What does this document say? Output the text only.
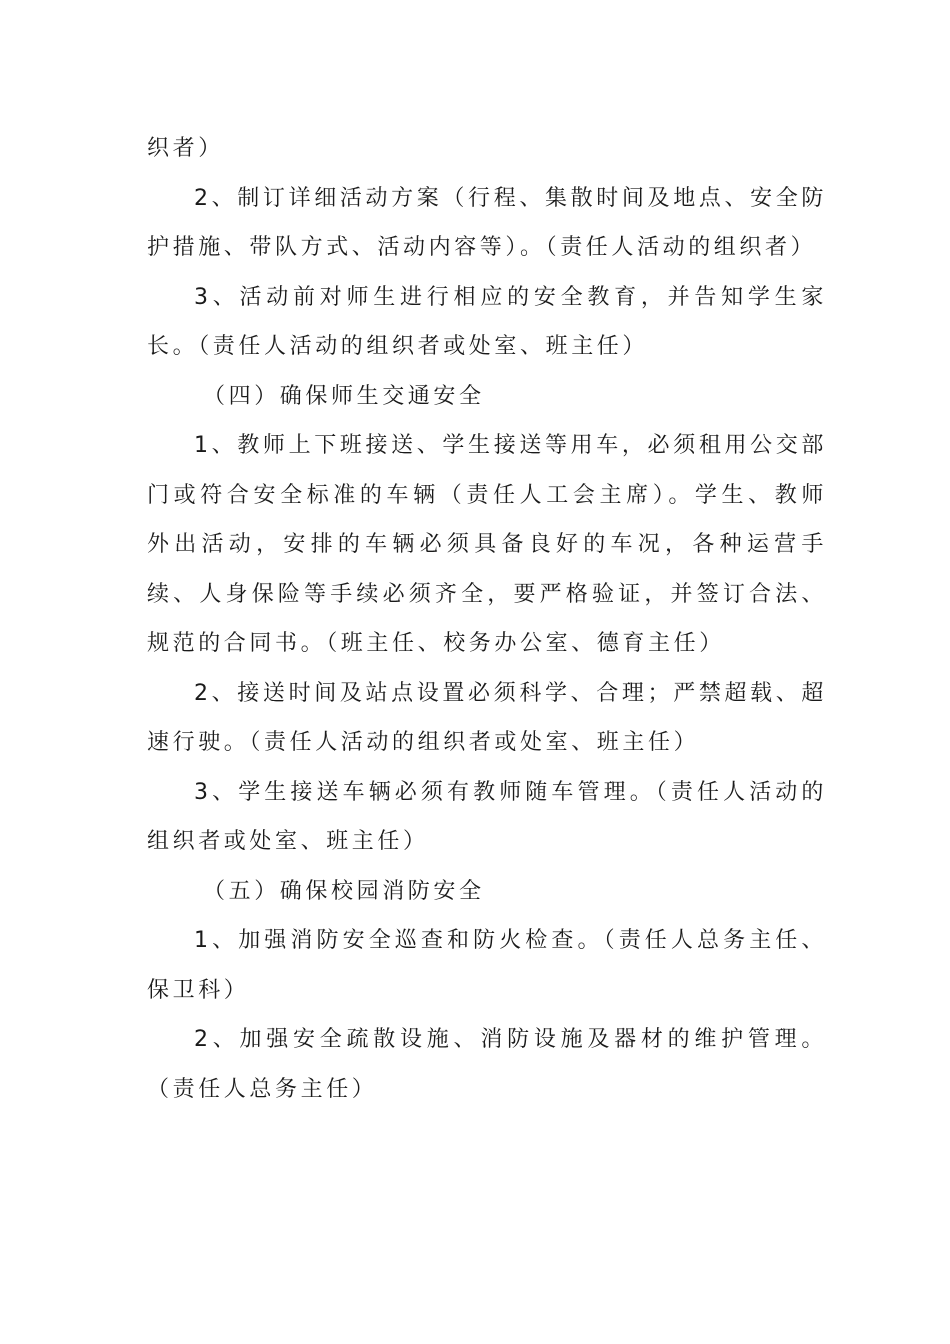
织者）

2、制订详细活动方案（行程、集散时间及地点、安全防护措施、带队方式、活动内容等）。（责任人活动的组织者）

3、活动前对师生进行相应的安全教育，并告知学生家长。（责任人活动的组织者或处室、班主任）

（四）确保师生交通安全

1、教师上下班接送、学生接送等用车，必须租用公交部门或符合安全标准的车辆（责任人工会主席）。学生、教师外出活动，安排的车辆必须具备良好的车况，各种运营手续、人身保险等手续必须齐全，要严格验证，并签订合法、规范的合同书。（班主任、校务办公室、德育主任）

2、接送时间及站点设置必须科学、合理；严禁超载、超速行驶。（责任人活动的组织者或处室、班主任）

3、学生接送车辆必须有教师随车管理。（责任人活动的组织者或处室、班主任）

（五）确保校园消防安全

1、加强消防安全巡查和防火检查。（责任人总务主任、保卫科）

2、加强安全疏散设施、消防设施及器材的维护管理。（责任人总务主任）
